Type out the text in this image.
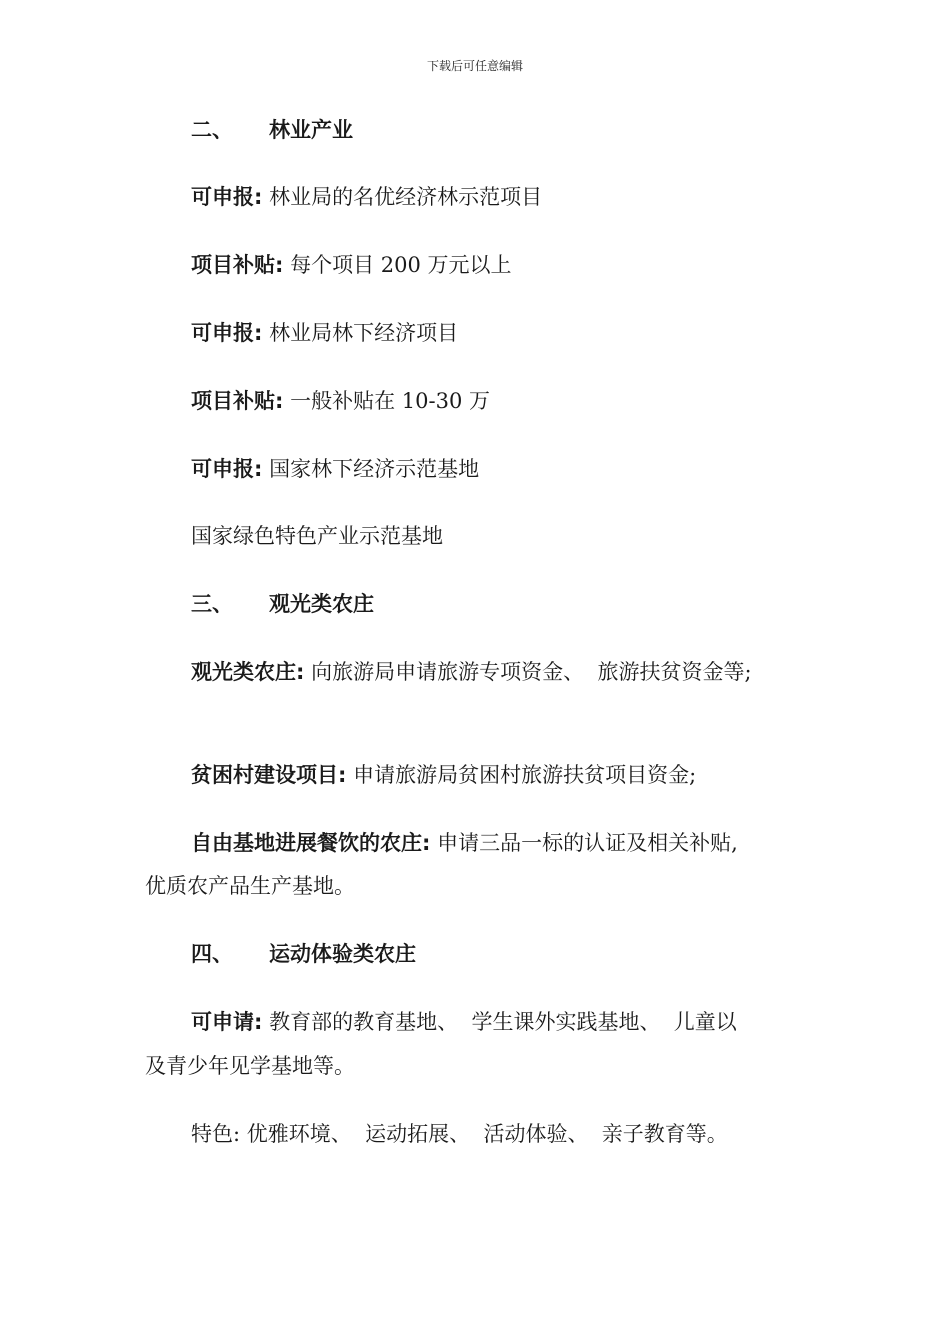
下载后可任意编辑
二、 林业产业
可申报: 林业局的名优经济林示范项目
项目补贴: 每个项目 200 万元以上
可申报: 林业局林下经济项目
项目补贴: 一般补贴在 10-30 万
可申报: 国家林下经济示范基地
国家绿色特色产业示范基地
三、 观光类农庄
观光类农庄: 向旅游局申请旅游专项资金、  旅游扶贫资金等;
贫困村建设项目: 申请旅游局贫困村旅游扶贫项目资金;
自由基地进展餐饮的农庄: 申请三品一标的认证及相关补贴,
优质农产品生产基地。
四、 运动体验类农庄
可申请: 教育部的教育基地、  学生课外实践基地、  儿童以
及青少年见学基地等。
特色: 优雅环境、  运动拓展、  活动体验、  亲子教育等。
